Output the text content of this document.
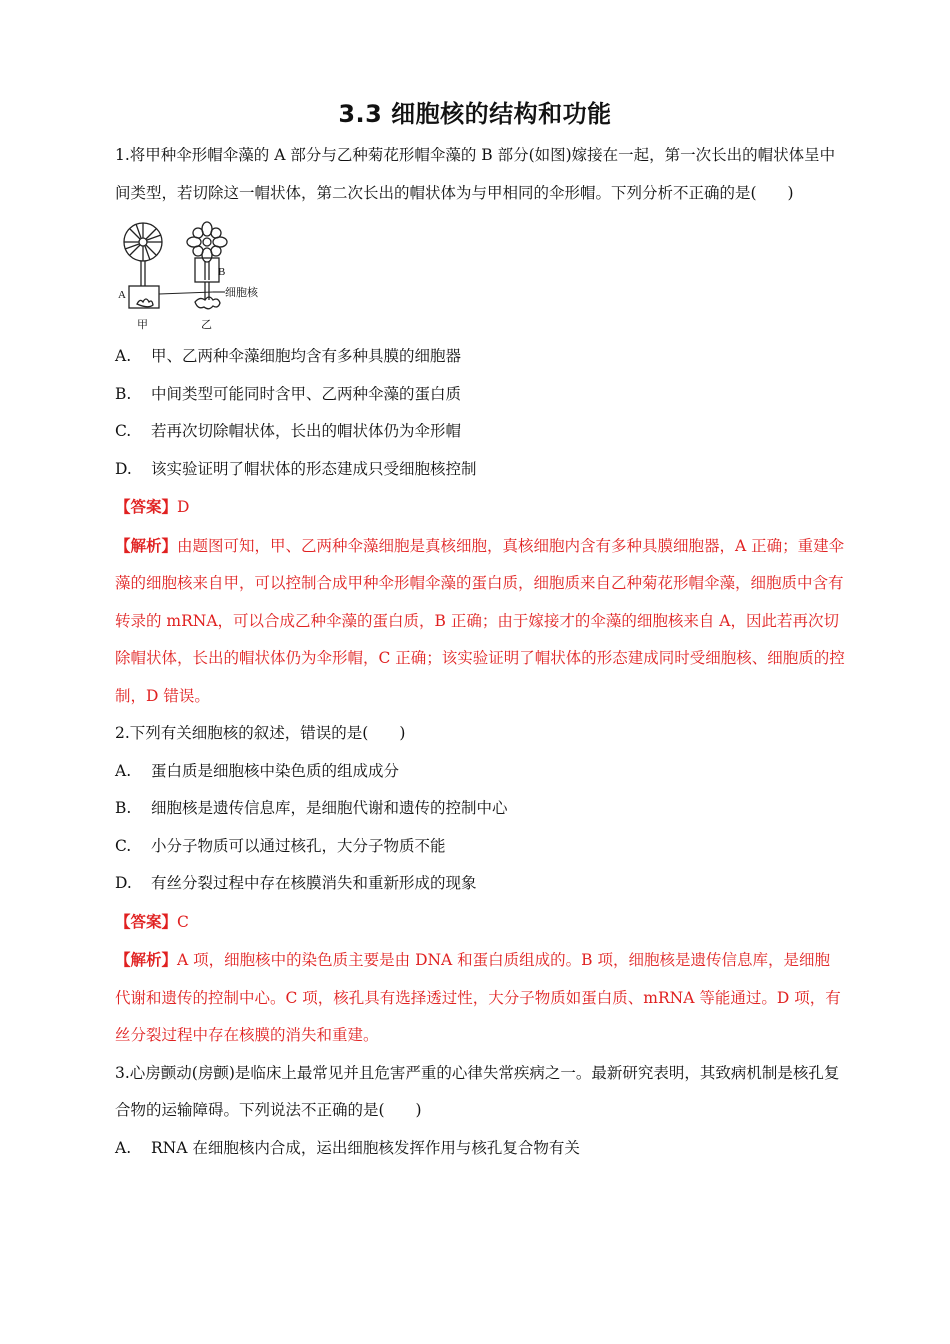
3.3 细胞核的结构和功能

1.将甲种伞形帽伞藻的 A 部分与乙种菊花形帽伞藻的 B 部分(如图)嫁接在一起，第一次长出的帽状体呈中间类型，若切除这一帽状体，第二次长出的帽状体为与甲相同的伞形帽。下列分析不正确的是(　　)

A
B
细胞核
甲	乙

A. 甲、乙两种伞藻细胞均含有多种具膜的细胞器

B. 中间类型可能同时含甲、乙两种伞藻的蛋白质

C. 若再次切除帽状体，长出的帽状体仍为伞形帽

D. 该实验证明了帽状体的形态建成只受细胞核控制

【答案】D

【解析】由题图可知，甲、乙两种伞藻细胞是真核细胞，真核细胞内含有多种具膜细胞器，A 正确；重建伞藻的细胞核来自甲，可以控制合成甲种伞形帽伞藻的蛋白质，细胞质来自乙种菊花形帽伞藻，细胞质中含有转录的 mRNA，可以合成乙种伞藻的蛋白质，B 正确；由于嫁接才的伞藻的细胞核来自 A，因此若再次切除帽状体，长出的帽状体仍为伞形帽，C 正确；该实验证明了帽状体的形态建成同时受细胞核、细胞质的控制，D 错误。

2.下列有关细胞核的叙述，错误的是(　　)

A. 蛋白质是细胞核中染色质的组成成分

B. 细胞核是遗传信息库，是细胞代谢和遗传的控制中心

C. 小分子物质可以通过核孔，大分子物质不能

D. 有丝分裂过程中存在核膜消失和重新形成的现象

【答案】C

【解析】A 项，细胞核中的染色质主要是由 DNA 和蛋白质组成的。B 项，细胞核是遗传信息库，是细胞代谢和遗传的控制中心。C 项，核孔具有选择透过性，大分子物质如蛋白质、mRNA 等能通过。D 项，有丝分裂过程中存在核膜的消失和重建。

3.心房颤动(房颤)是临床上最常见并且危害严重的心律失常疾病之一。最新研究表明，其致病机制是核孔复合物的运输障碍。下列说法不正确的是(　　)

A. RNA 在细胞核内合成，运出细胞核发挥作用与核孔复合物有关
